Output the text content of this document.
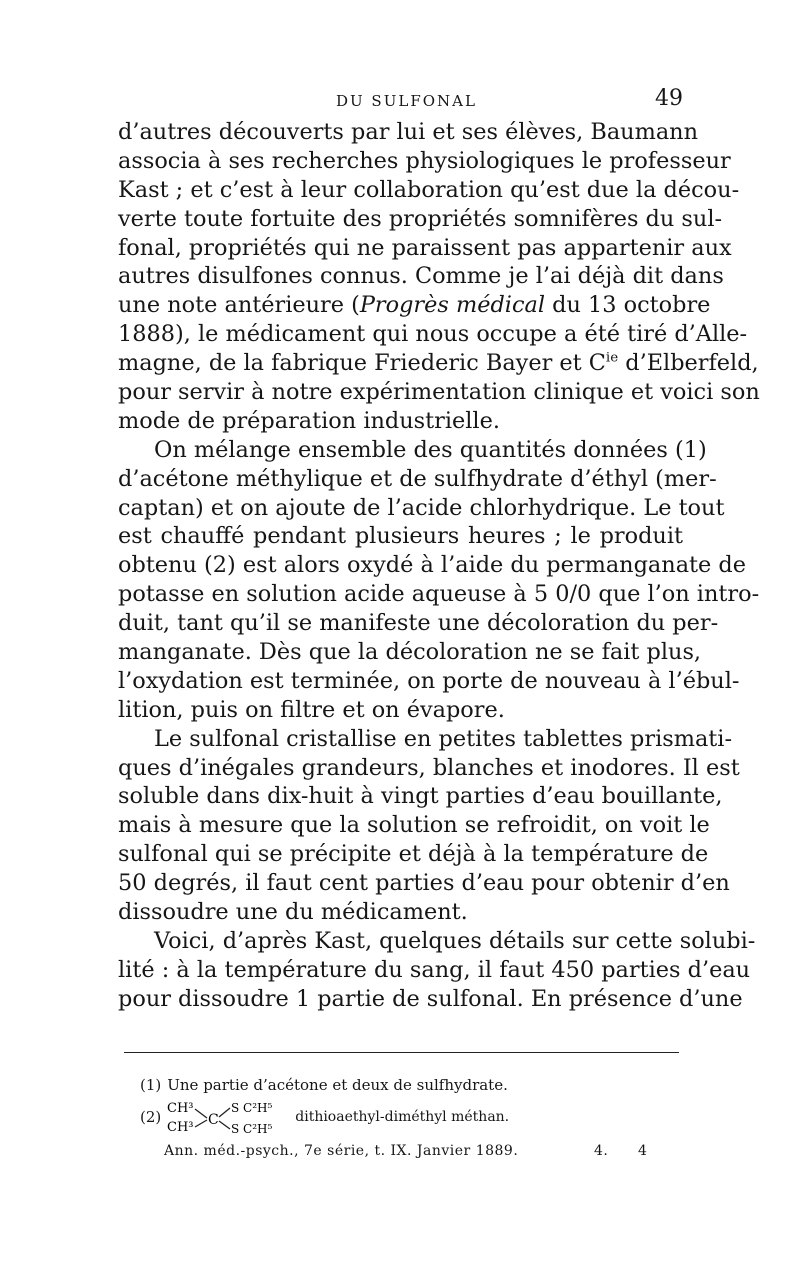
DU SULFONAL	49
d’autres découverts par lui et ses élèves, Baumann
associa à ses recherches physiologiques le professeur
Kast ; et c’est à leur collaboration qu’est due la décou-
verte toute fortuite des propriétés somnifères du sul-
fonal, propriétés qui ne paraissent pas appartenir aux
autres disulfones connus. Comme je l’ai déjà dit dans
une note antérieure (Progrès médical du 13 octobre
1888), le médicament qui nous occupe a été tiré d’Alle-
magne, de la fabrique Friederic Bayer et $C^{ie}$ d’Elberfeld,
pour servir à notre expérimentation clinique et voici son
mode de préparation industrielle.
On mélange ensemble des quantités données (1)
d’acétone méthylique et de sulfhydrate d’éthyl (mer-
captan) et on ajoute de l’acide chlorhydrique. Le tout
est chauffé pendant plusieurs heures ; le produit
obtenu (2) est alors oxydé à l’aide du permanganate de
potasse en solution acide aqueuse à 5 0/0 que l’on intro-
duit, tant qu’il se manifeste une décoloration du per-
manganate. Dès que la décoloration ne se fait plus,
l’oxydation est terminée, on porte de nouveau à l’ébul-
lition, puis on filtre et on évapore.
Le sulfonal cristallise en petites tablettes prismati-
ques d’inégales grandeurs, blanches et inodores. Il est
soluble dans dix-huit à vingt parties d’eau bouillante,
mais à mesure que la solution se refroidit, on voit le
sulfonal qui se précipite et déjà à la température de
50 degrés, il faut cent parties d’eau pour obtenir d’en
dissoudre une du médicament.
Voici, d’après Kast, quelques détails sur cette solubi-
lité : à la température du sang, il faut 450 parties d’eau
pour dissoudre 1 partie de sulfonal. En présence d’une
(1) Une partie d’acétone et deux de sulfhydrate.
(2) CH³
CH³ C
S C²H⁵
S C²H⁵
dithioaethyl-diméthyl méthan.
Ann. méd.-psych., 7e série, t. IX. Janvier 1889.	4. 4
